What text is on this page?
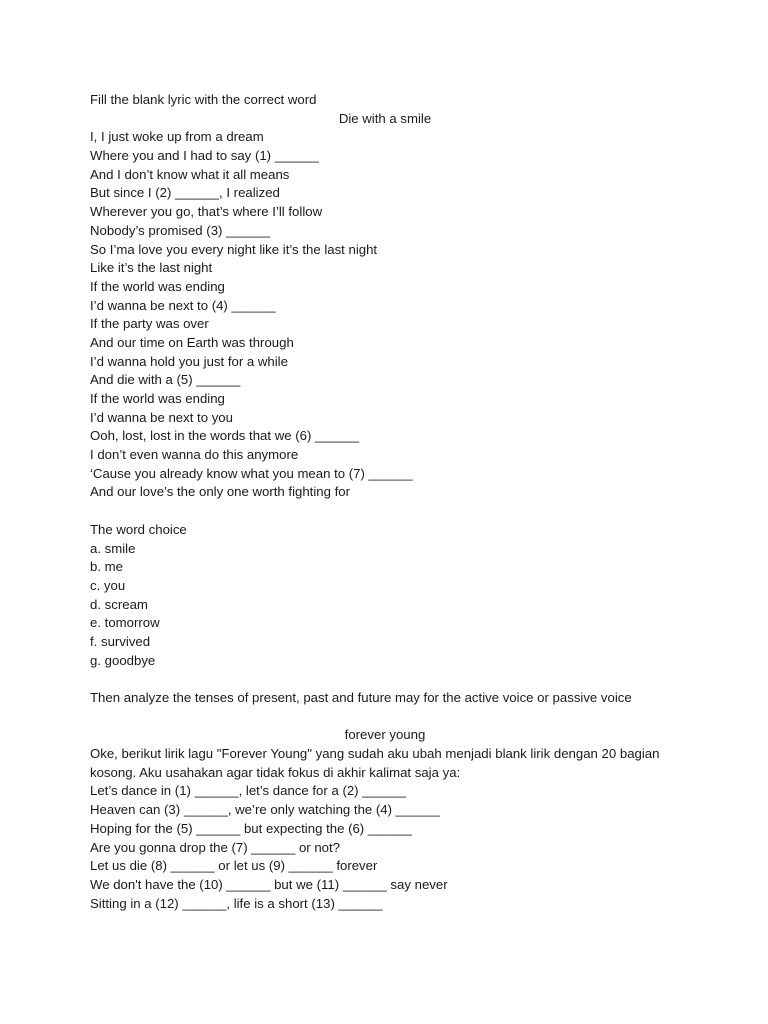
Fill the blank lyric with the correct word
Die with a smile
I, I just woke up from a dream
Where you and I had to say (1) ______
And I don’t know what it all means
But since I (2) ______, I realized
Wherever you go, that’s where I’ll follow
Nobody’s promised (3) ______
So I’ma love you every night like it’s the last night
Like it’s the last night
If the world was ending
I’d wanna be next to (4) ______
If the party was over
And our time on Earth was through
I’d wanna hold you just for a while
And die with a (5) ______
If the world was ending
I’d wanna be next to you
Ooh, lost, lost in the words that we (6) ______
I don’t even wanna do this anymore
‘Cause you already know what you mean to (7) ______
And our love’s the only one worth fighting for
The word choice
a. smile
b. me
c. you
d. scream
e. tomorrow
f. survived
g. goodbye
Then analyze the tenses of present, past and future may for the active voice or passive voice
forever young
Oke, berikut lirik lagu "Forever Young" yang sudah aku ubah menjadi blank lirik dengan 20 bagian kosong. Aku usahakan agar tidak fokus di akhir kalimat saja ya:
Let’s dance in (1) ______, let’s dance for a (2) ______
Heaven can (3) ______, we’re only watching the (4) ______
Hoping for the (5) ______ but expecting the (6) ______
Are you gonna drop the (7) ______ or not?
Let us die (8) ______ or let us (9) ______ forever
We don't have the (10) ______ but we (11) ______ say never
Sitting in a (12) ______, life is a short (13) ______
